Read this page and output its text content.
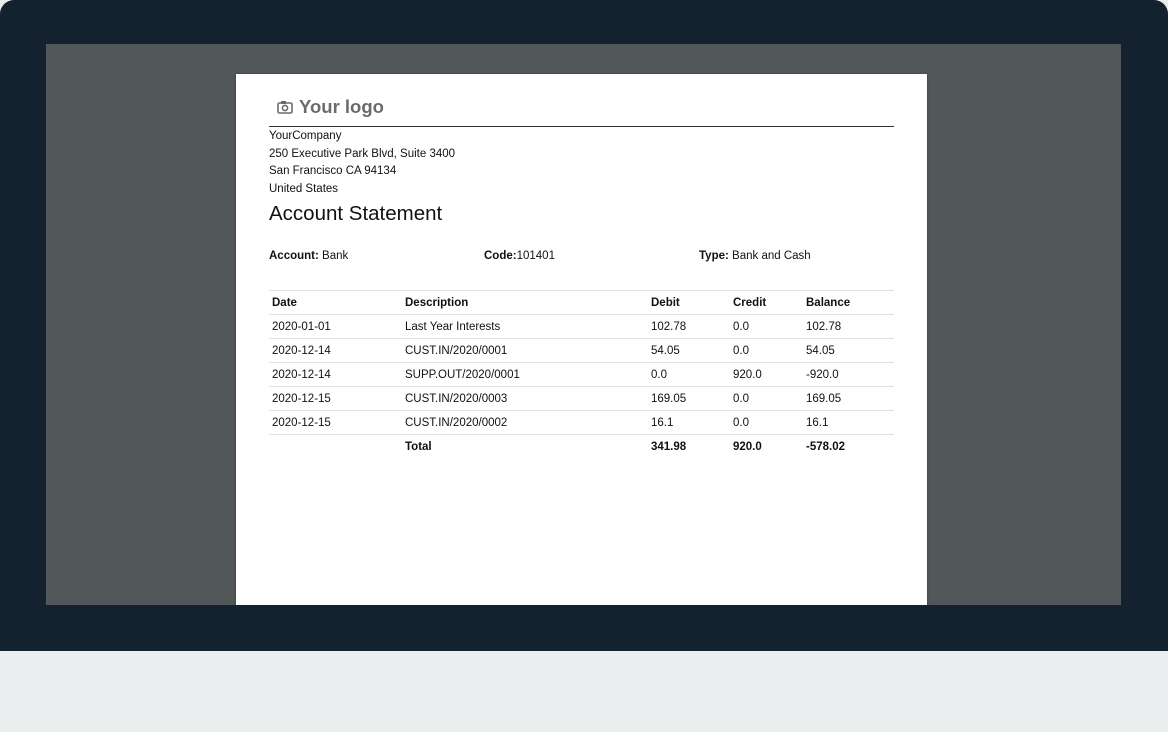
Your logo
YourCompany
250 Executive Park Blvd, Suite 3400
San Francisco CA 94134
United States
Account Statement
Account: Bank	Code:101401	Type: Bank and Cash
Date	Description	Debit	Credit	Balance
2020-01-01	Last Year Interests	102.78	0.0	102.78
2020-12-14	CUST.IN/2020/0001	54.05	0.0	54.05
2020-12-14	SUPP.OUT/2020/0001	0.0	920.0	-920.0
2020-12-15	CUST.IN/2020/0003	169.05	0.0	169.05
2020-12-15	CUST.IN/2020/0002	16.1	0.0	16.1
	Total	341.98	920.0	-578.02
